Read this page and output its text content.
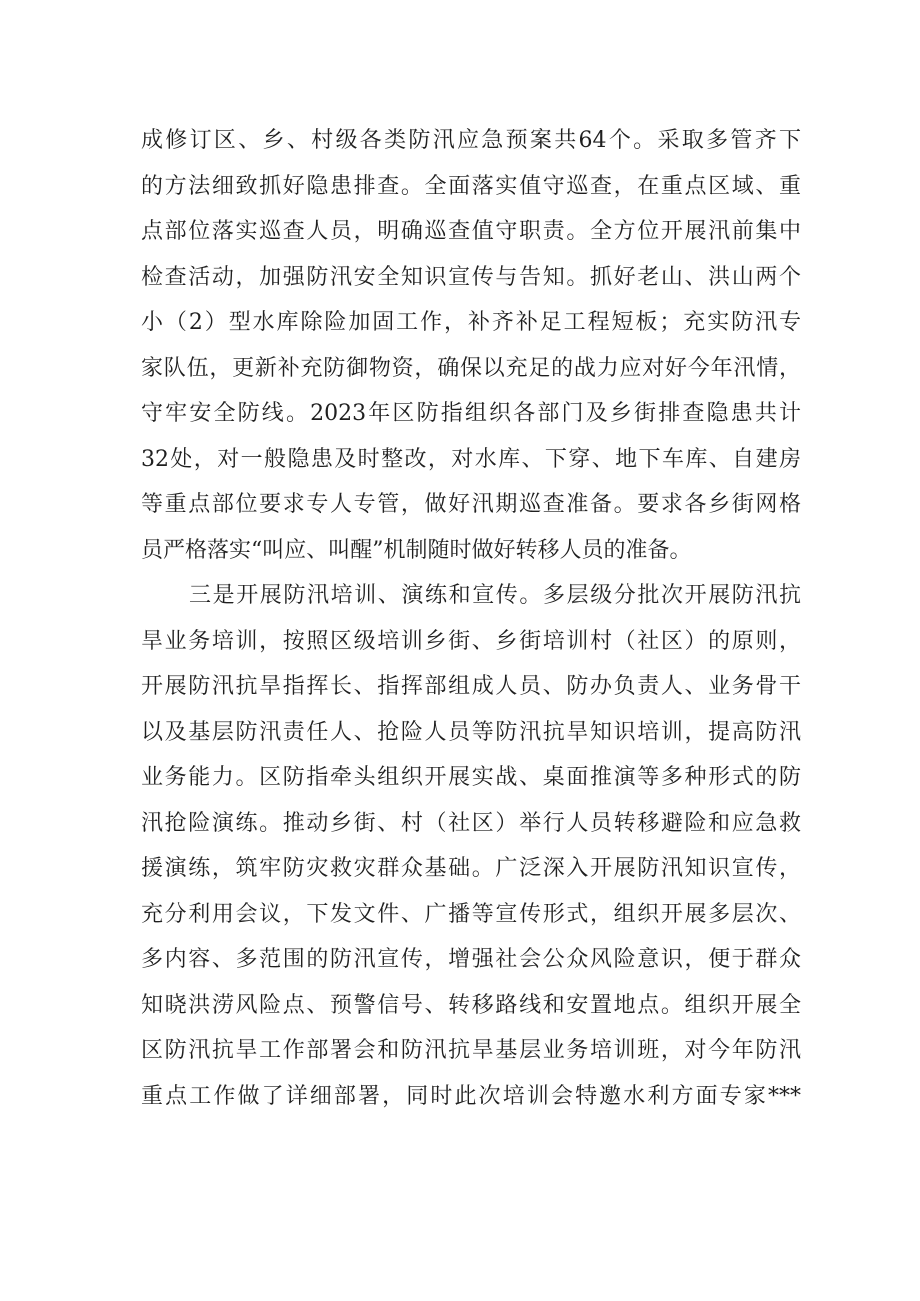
成修订区、乡、村级各类防汛应急预案共64个。采取多管齐下
的方法细致抓好隐患排查。全面落实值守巡查，在重点区域、重
点部位落实巡查人员，明确巡查值守职责。全方位开展汛前集中
检查活动，加强防汛安全知识宣传与告知。抓好老山、洪山两个
小（2）型水库除险加固工作，补齐补足工程短板；充实防汛专
家队伍，更新补充防御物资，确保以充足的战力应对好今年汛情，
守牢安全防线。2023年区防指组织各部门及乡街排查隐患共计
32处，对一般隐患及时整改，对水库、下穿、地下车库、自建房
等重点部位要求专人专管，做好汛期巡查准备。要求各乡街网格
员严格落实“叫应、叫醒”机制随时做好转移人员的准备。
三是开展防汛培训、演练和宣传。多层级分批次开展防汛抗
旱业务培训，按照区级培训乡街、乡街培训村（社区）的原则，
开展防汛抗旱指挥长、指挥部组成人员、防办负责人、业务骨干
以及基层防汛责任人、抢险人员等防汛抗旱知识培训，提高防汛
业务能力。区防指牵头组织开展实战、桌面推演等多种形式的防
汛抢险演练。推动乡街、村（社区）举行人员转移避险和应急救
援演练，筑牢防灾救灾群众基础。广泛深入开展防汛知识宣传，
充分利用会议，下发文件、广播等宣传形式，组织开展多层次、
多内容、多范围的防汛宣传，增强社会公众风险意识，便于群众
知晓洪涝风险点、预警信号、转移路线和安置地点。组织开展全
区防汛抗旱工作部署会和防汛抗旱基层业务培训班，对今年防汛
重点工作做了详细部署，同时此次培训会特邀水利方面专家***
